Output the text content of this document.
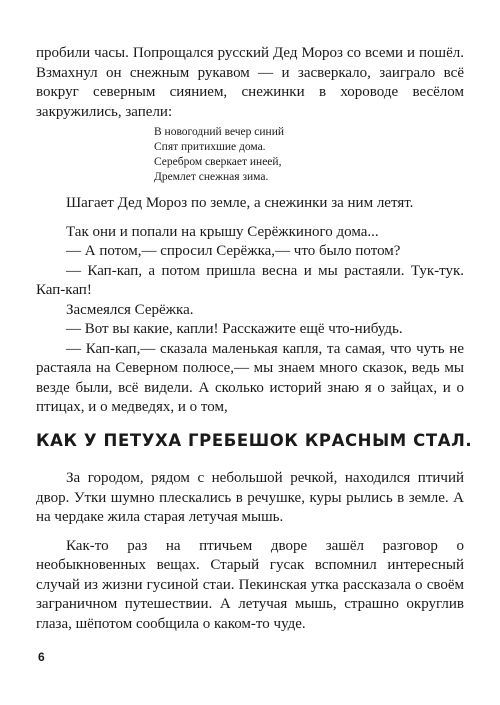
пробили часы. Попрощался русский Дед Мороз со всеми и пошёл. Взмахнул он снежным рукавом — и засверкало, заиграло всё вокруг северным сиянием, снежинки в хороводе весёлом закружились, запели:

В новогодний вечер синий
Спят притихшие дома.
Серебром сверкает инеей,
Дремлет снежная зима.

Шагает Дед Мороз по земле, а снежинки за ним летят.

Так они и попали на крышу Серёжкиного дома...

— А потом,— спросил Серёжка,— что было потом?

— Кап-кап, а потом пришла весна и мы растаяли. Тук-тук. Кап-кап!

Засмеялся Серёжка.

— Вот вы какие, капли! Расскажите ещё что-нибудь.

— Кап-кап,— сказала маленькая капля, та самая, что чуть не растаяла на Северном полюсе,— мы знаем много сказок, ведь мы везде были, всё видели. А сколько историй знаю я о зайцах, и о птицах, и о медведях, и о том,

КАК У ПЕТУХА ГРЕБЕШОК КРАСНЫМ СТАЛ.

За городом, рядом с небольшой речкой, находился птичий двор. Утки шумно плескались в речушке, куры рылись в земле. А на чердаке жила старая летучая мышь.

Как-то раз на птичьем дворе зашёл разговор о необыкновенных вещах. Старый гусак вспомнил интересный случай из жизни гусиной стаи. Пекинская утка рассказала о своём заграничном путешествии. А летучая мышь, страшно округлив глаза, шёпотом сообщила о каком-то чуде.

6
